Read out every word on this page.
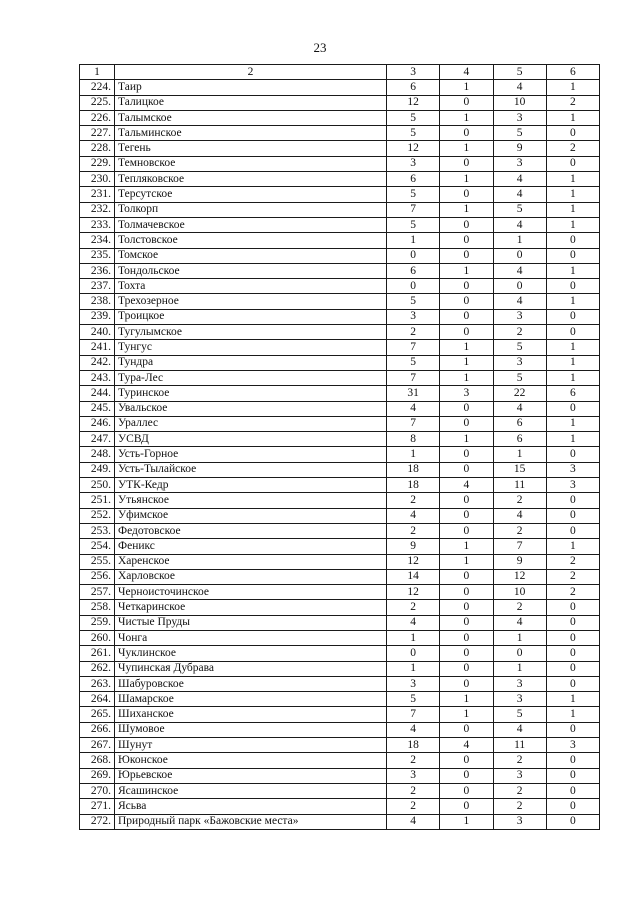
23
1	2	3	4	5	6
224.	Таир	6	1	4	1
225.	Талицкое	12	0	10	2
226.	Талымское	5	1	3	1
227.	Тальминское	5	0	5	0
228.	Тегень	12	1	9	2
229.	Темновское	3	0	3	0
230.	Тепляковское	6	1	4	1
231.	Терсутское	5	0	4	1
232.	Толкорп	7	1	5	1
233.	Толмачевское	5	0	4	1
234.	Толстовское	1	0	1	0
235.	Томское	0	0	0	0
236.	Тондольское	6	1	4	1
237.	Тохта	0	0	0	0
238.	Трехозерное	5	0	4	1
239.	Троицкое	3	0	3	0
240.	Тугулымское	2	0	2	0
241.	Тунгус	7	1	5	1
242.	Тундра	5	1	3	1
243.	Тура-Лес	7	1	5	1
244.	Туринское	31	3	22	6
245.	Увальское	4	0	4	0
246.	Ураллес	7	0	6	1
247.	УСВД	8	1	6	1
248.	Усть-Горное	1	0	1	0
249.	Усть-Тылайское	18	0	15	3
250.	УТК-Кедр	18	4	11	3
251.	Утьянское	2	0	2	0
252.	Уфимское	4	0	4	0
253.	Федотовское	2	0	2	0
254.	Феникс	9	1	7	1
255.	Харенское	12	1	9	2
256.	Харловское	14	0	12	2
257.	Черноисточинское	12	0	10	2
258.	Четкаринское	2	0	2	0
259.	Чистые Пруды	4	0	4	0
260.	Чонга	1	0	1	0
261.	Чуклинское	0	0	0	0
262.	Чупинская Дубрава	1	0	1	0
263.	Шабуровское	3	0	3	0
264.	Шамарское	5	1	3	1
265.	Шиханское	7	1	5	1
266.	Шумовое	4	0	4	0
267.	Шунут	18	4	11	3
268.	Юконское	2	0	2	0
269.	Юрьевское	3	0	3	0
270.	Ясашинское	2	0	2	0
271.	Ясьва	2	0	2	0
272.	Природный парк «Бажовские места»	4	1	3	0
